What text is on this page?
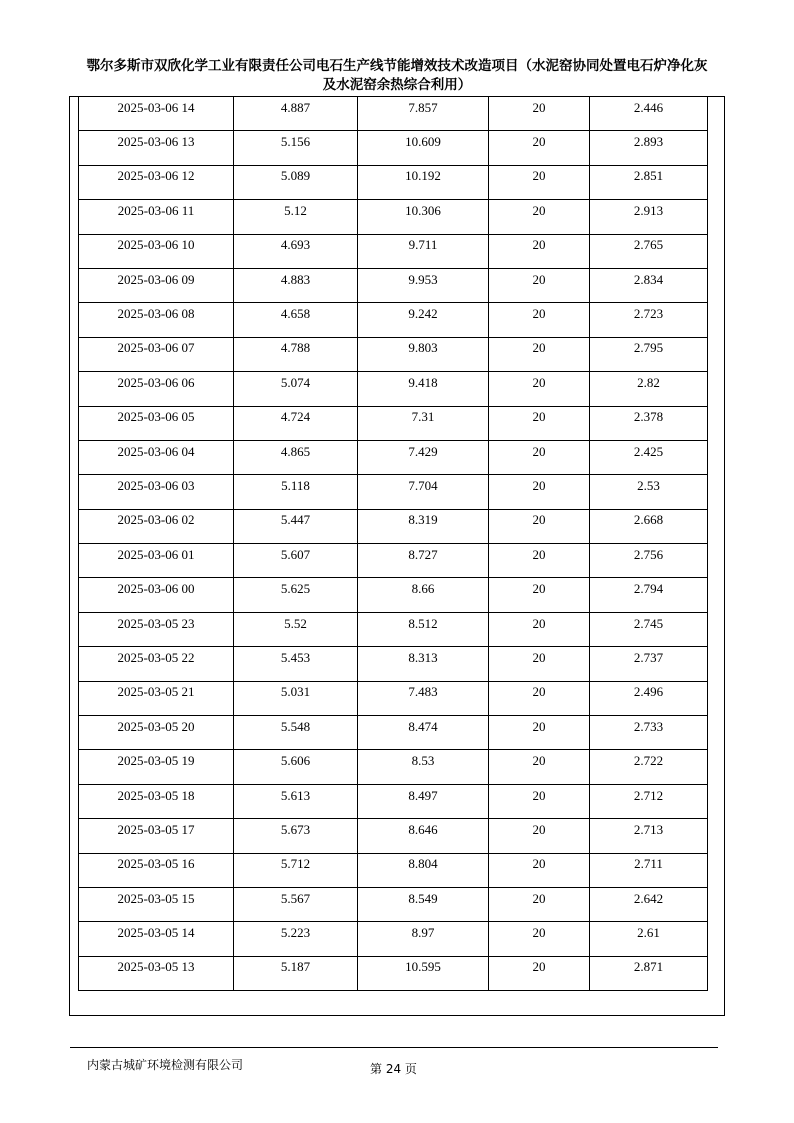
鄂尔多斯市双欣化学工业有限责任公司电石生产线节能增效技术改造项目（水泥窑协同处置电石炉净化灰
及水泥窑余热综合利用）
2025-03-06 14	4.887	7.857	20	2.446
2025-03-06 13	5.156	10.609	20	2.893
2025-03-06 12	5.089	10.192	20	2.851
2025-03-06 11	5.12	10.306	20	2.913
2025-03-06 10	4.693	9.711	20	2.765
2025-03-06 09	4.883	9.953	20	2.834
2025-03-06 08	4.658	9.242	20	2.723
2025-03-06 07	4.788	9.803	20	2.795
2025-03-06 06	5.074	9.418	20	2.82
2025-03-06 05	4.724	7.31	20	2.378
2025-03-06 04	4.865	7.429	20	2.425
2025-03-06 03	5.118	7.704	20	2.53
2025-03-06 02	5.447	8.319	20	2.668
2025-03-06 01	5.607	8.727	20	2.756
2025-03-06 00	5.625	8.66	20	2.794
2025-03-05 23	5.52	8.512	20	2.745
2025-03-05 22	5.453	8.313	20	2.737
2025-03-05 21	5.031	7.483	20	2.496
2025-03-05 20	5.548	8.474	20	2.733
2025-03-05 19	5.606	8.53	20	2.722
2025-03-05 18	5.613	8.497	20	2.712
2025-03-05 17	5.673	8.646	20	2.713
2025-03-05 16	5.712	8.804	20	2.711
2025-03-05 15	5.567	8.549	20	2.642
2025-03-05 14	5.223	8.97	20	2.61
2025-03-05 13	5.187	10.595	20	2.871
内蒙古城矿环境检测有限公司	第 24 页
